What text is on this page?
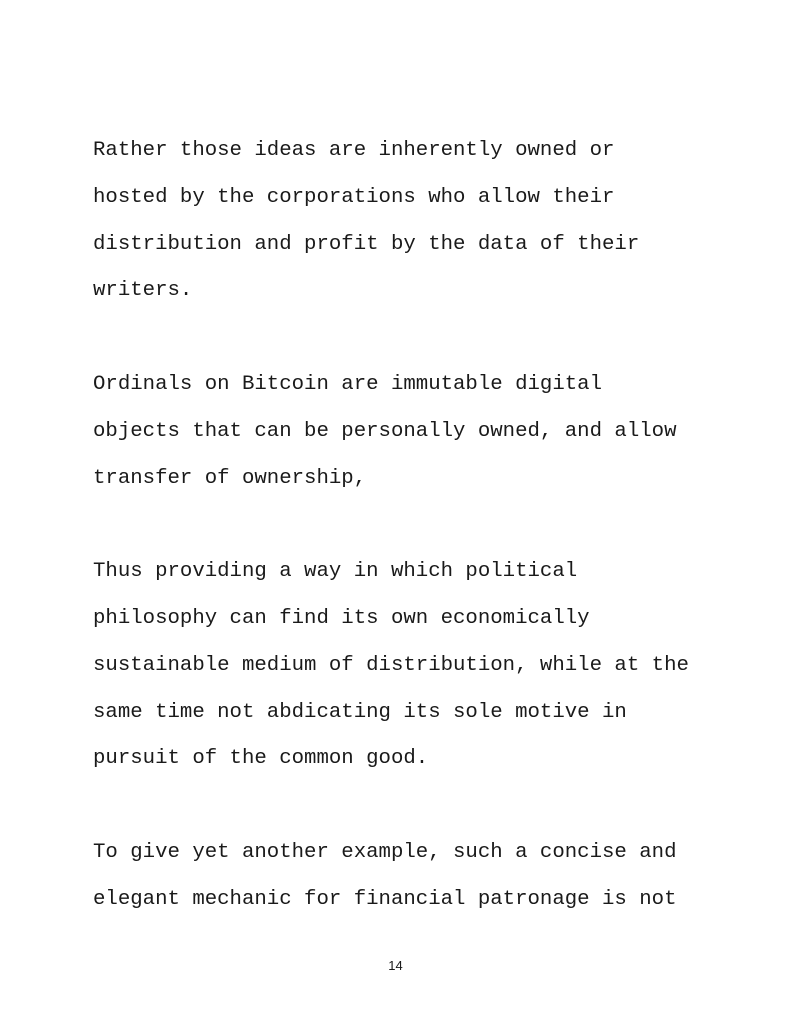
Rather those ideas are inherently owned or
hosted by the corporations who allow their
distribution and profit by the data of their
writers.
Ordinals on Bitcoin are immutable digital
objects that can be personally owned, and allow
transfer of ownership,
Thus providing a way in which political
philosophy can find its own economically
sustainable medium of distribution, while at the
same time not abdicating its sole motive in
pursuit of the common good.
To give yet another example, such a concise and
elegant mechanic for financial patronage is not
14
